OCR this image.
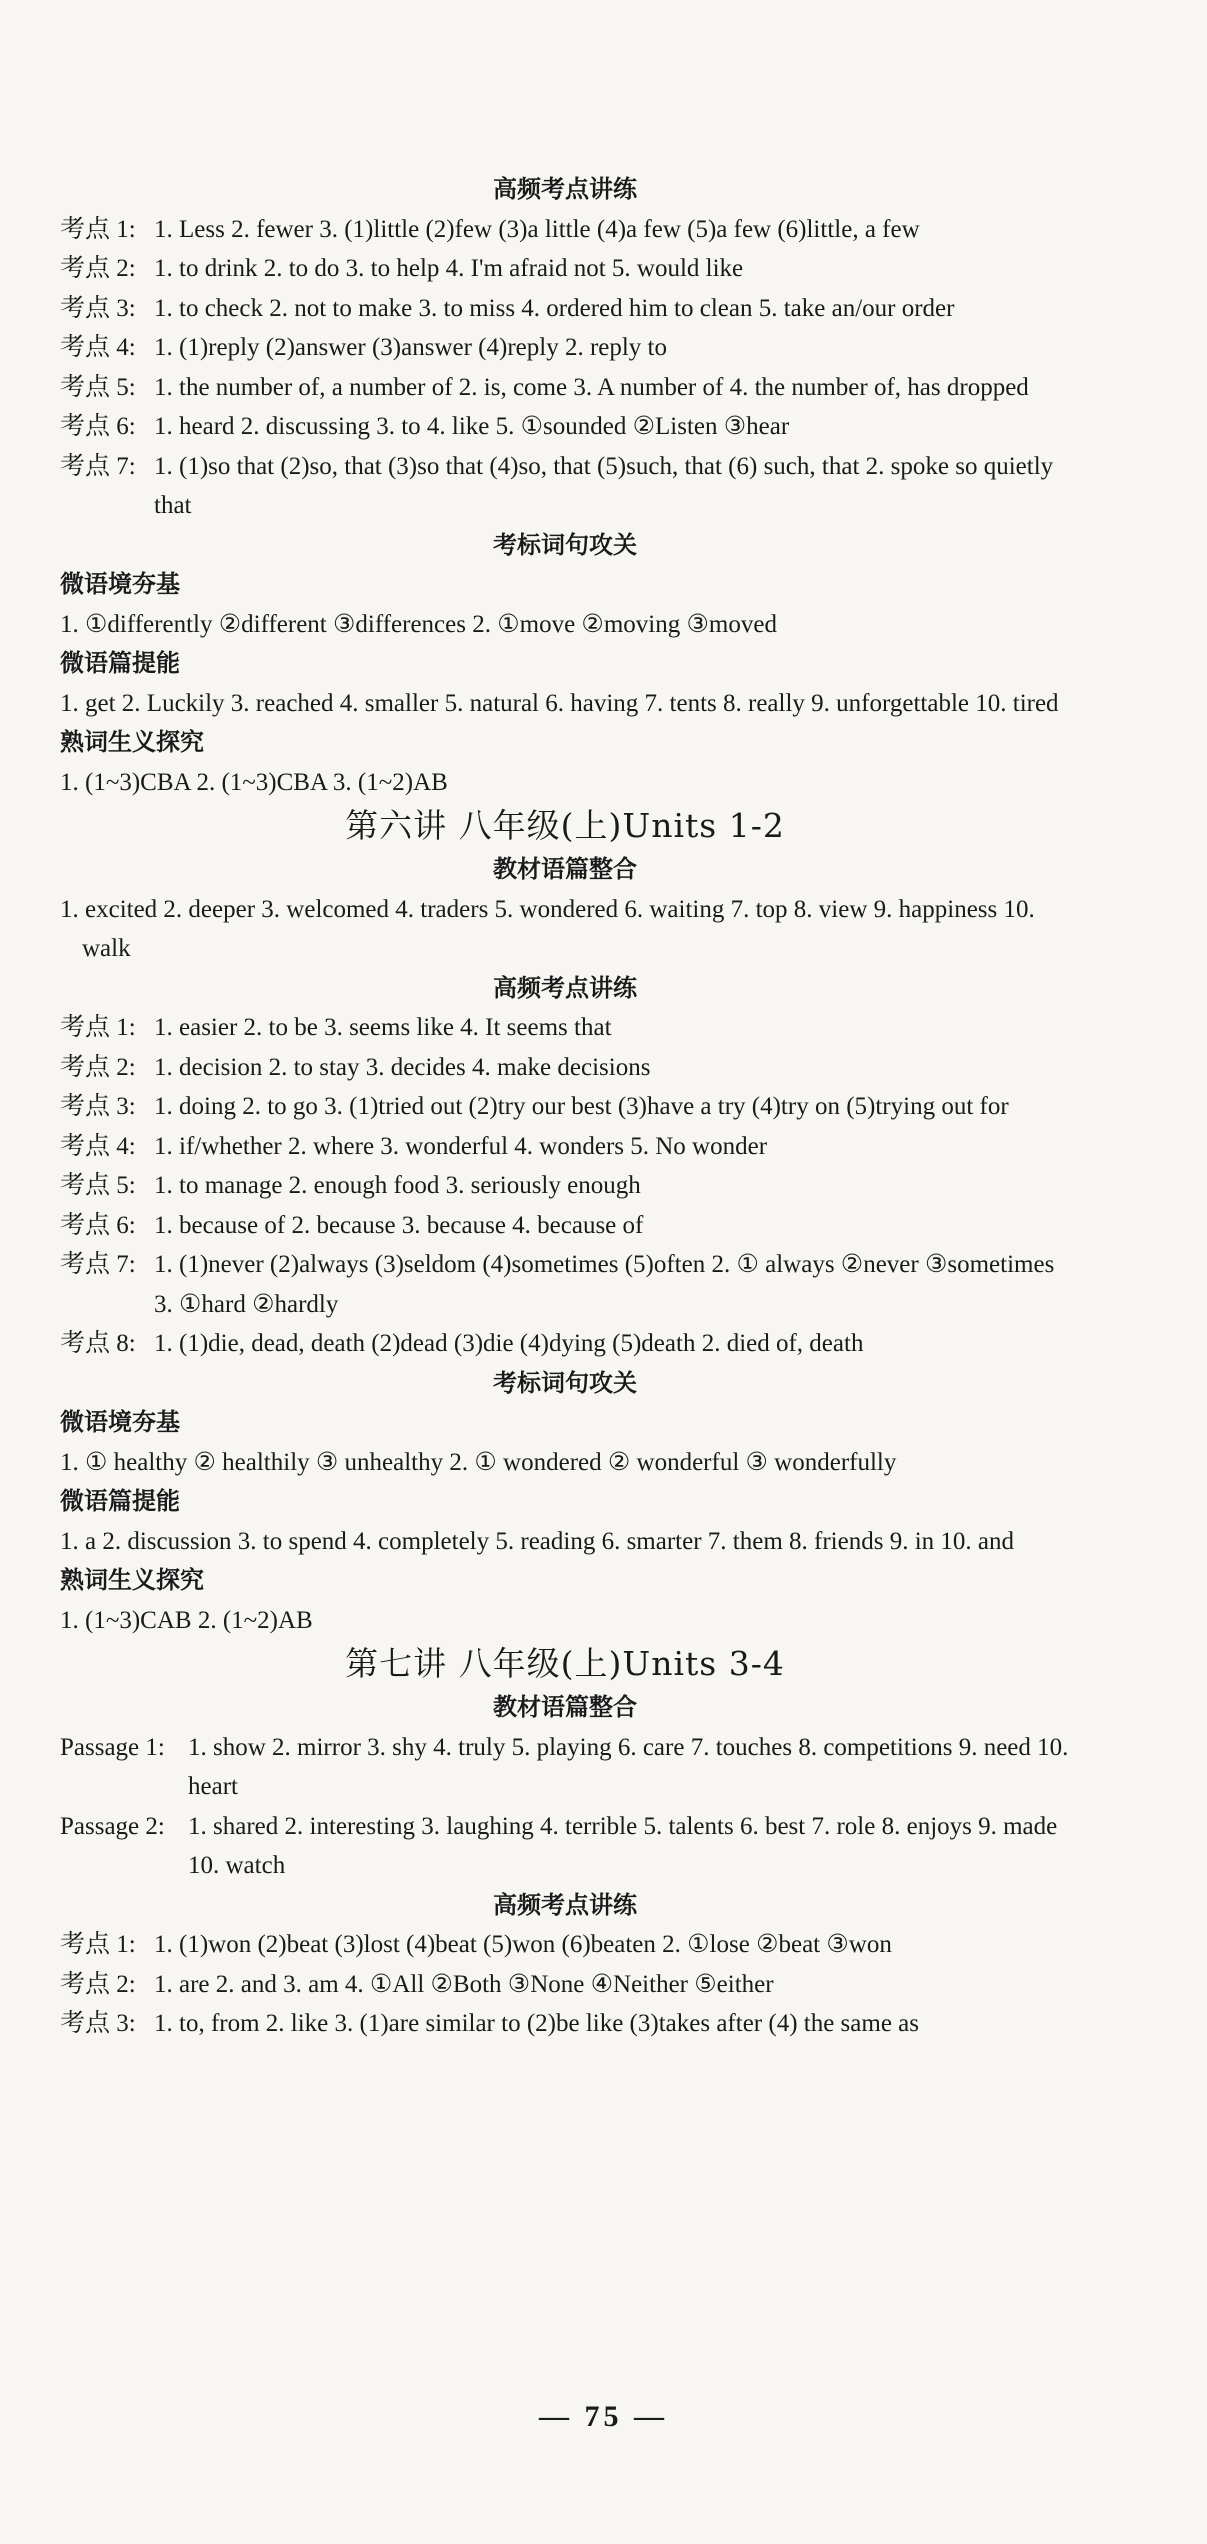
高频考点讲练
考点 1: 1. Less 2. fewer 3. (1)little (2)few (3)a little (4)a few (5)a few (6)little, a few
考点 2: 1. to drink 2. to do 3. to help 4. I'm afraid not 5. would like
考点 3: 1. to check 2. not to make 3. to miss 4. ordered him to clean 5. take an/our order
考点 4: 1. (1)reply (2)answer (3)answer (4)reply 2. reply to
考点 5: 1. the number of, a number of 2. is, come 3. A number of 4. the number of, has dropped
考点 6: 1. heard 2. discussing 3. to 4. like 5. ①sounded ②Listen ③hear
考点 7: 1. (1)so that (2)so, that (3)so that (4)so, that (5)such, that (6) such, that 2. spoke so quietly that
考标词句攻关
微语境夯基
1. ①differently ②different ③differences 2. ①move ②moving ③moved
微语篇提能
1. get 2. Luckily 3. reached 4. smaller 5. natural 6. having 7. tents 8. really 9. unforgettable 10. tired
熟词生义探究
1. (1~3)CBA 2. (1~3)CBA 3. (1~2)AB
第六讲 八年级(上)Units 1-2
教材语篇整合
1. excited 2. deeper 3. welcomed 4. traders 5. wondered 6. waiting 7. top 8. view 9. happiness 10. walk
高频考点讲练
考点 1: 1. easier 2. to be 3. seems like 4. It seems that
考点 2: 1. decision 2. to stay 3. decides 4. make decisions
考点 3: 1. doing 2. to go 3. (1)tried out (2)try our best (3)have a try (4)try on (5)trying out for
考点 4: 1. if/whether 2. where 3. wonderful 4. wonders 5. No wonder
考点 5: 1. to manage 2. enough food 3. seriously enough
考点 6: 1. because of 2. because 3. because 4. because of
考点 7: 1. (1)never (2)always (3)seldom (4)sometimes (5)often 2. ① always ②never ③sometimes 3. ①hard ②hardly
考点 8: 1. (1)die, dead, death (2)dead (3)die (4)dying (5)death 2. died of, death
考标词句攻关
微语境夯基
1. ① healthy ② healthily ③ unhealthy 2. ① wondered ② wonderful ③ wonderfully
微语篇提能
1. a 2. discussion 3. to spend 4. completely 5. reading 6. smarter 7. them 8. friends 9. in 10. and
熟词生义探究
1. (1~3)CAB 2. (1~2)AB
第七讲 八年级(上)Units 3-4
教材语篇整合
Passage 1: 1. show 2. mirror 3. shy 4. truly 5. playing 6. care 7. touches 8. competitions 9. need 10. heart
Passage 2: 1. shared 2. interesting 3. laughing 4. terrible 5. talents 6. best 7. role 8. enjoys 9. made 10. watch
高频考点讲练
考点 1: 1. (1)won (2)beat (3)lost (4)beat (5)won (6)beaten 2. ①lose ②beat ③won
考点 2: 1. are 2. and 3. am 4. ①All ②Both ③None ④Neither ⑤either
考点 3: 1. to, from 2. like 3. (1)are similar to (2)be like (3)takes after (4) the same as
— 75 —
